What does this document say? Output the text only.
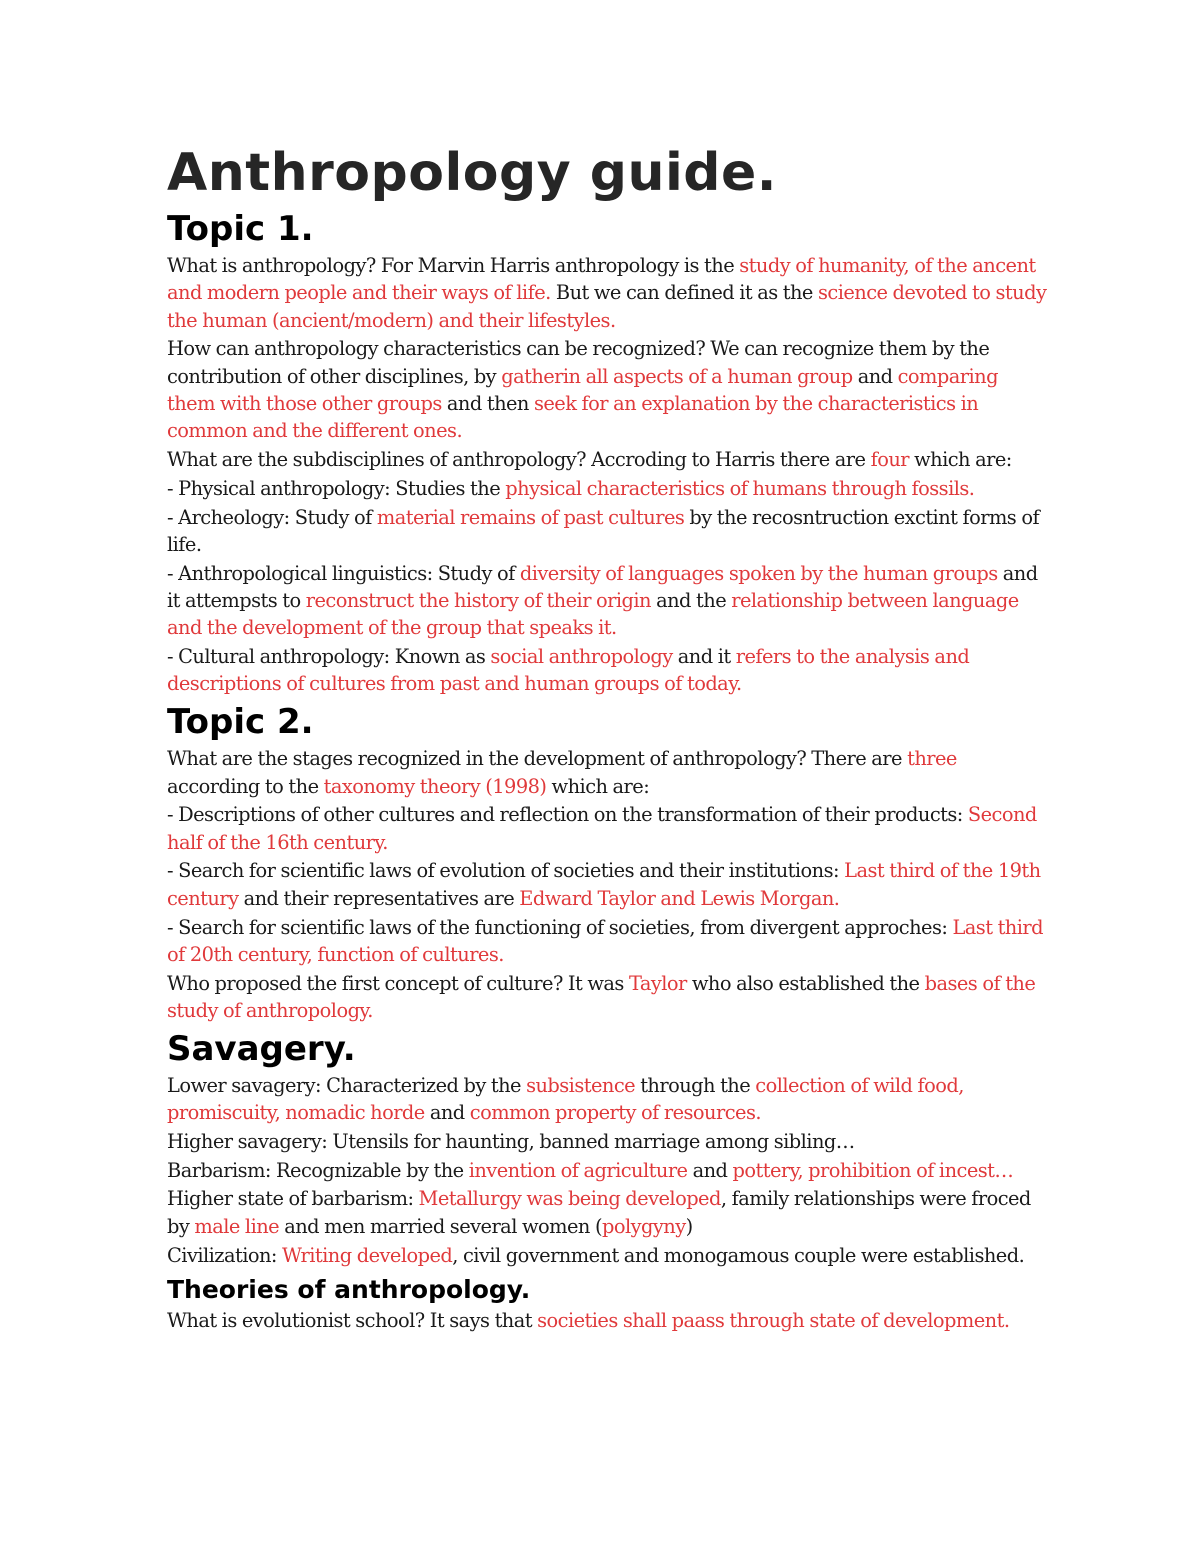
Anthropology guide.
Topic 1.

What is anthropology? For Marvin Harris anthropology is the study of humanity, of the ancent and modern people and their ways of life. But we can defined it as the science devoted to study the human (ancient/modern) and their lifestyles.

How can anthropology characteristics can be recognized? We can recognize them by the contribution of other disciplines, by gatherin all aspects of a human group and comparing them with those other groups and then seek for an explanation by the characteristics in common and the different ones.

What are the subdisciplines of anthropology? Accroding to Harris there are four which are:

- Physical anthropology: Studies the physical characteristics of humans through fossils.

- Archeology: Study of material remains of past cultures by the recosntruction exctint forms of life.

- Anthropological linguistics: Study of diversity of languages spoken by the human groups and it attempsts to reconstruct the history of their origin and the relationship between language and the development of the group that speaks it.

- Cultural anthropology: Known as social anthropology and it refers to the analysis and descriptions of cultures from past and human groups of today.

Topic 2.

What are the stages recognized in the development of anthropology? There are three according to the taxonomy theory (1998) which are:

- Descriptions of other cultures and reflection on the transformation of their products: Second half of the 16th century.

- Search for scientific laws of evolution of societies and their institutions: Last third of the 19th century and their representatives are Edward Taylor and Lewis Morgan.

- Search for scientific laws of the functioning of societies, from divergent approches: Last third of 20th century, function of cultures.

Who proposed the first concept of culture? It was Taylor who also established the bases of the study of anthropology.

Savagery.

Lower savagery: Characterized by the subsistence through the collection of wild food, promiscuity, nomadic horde and common property of resources.

Higher savagery: Utensils for haunting, banned marriage among sibling…

Barbarism: Recognizable by the invention of agriculture and pottery, prohibition of incest…

Higher state of barbarism: Metallurgy was being developed, family relationships were froced by male line and men married several women (polygyny)

Civilization: Writing developed, civil government and monogamous couple were established.

Theories of anthropology.

What is evolutionist school? It says that societies shall paass through state of development.
